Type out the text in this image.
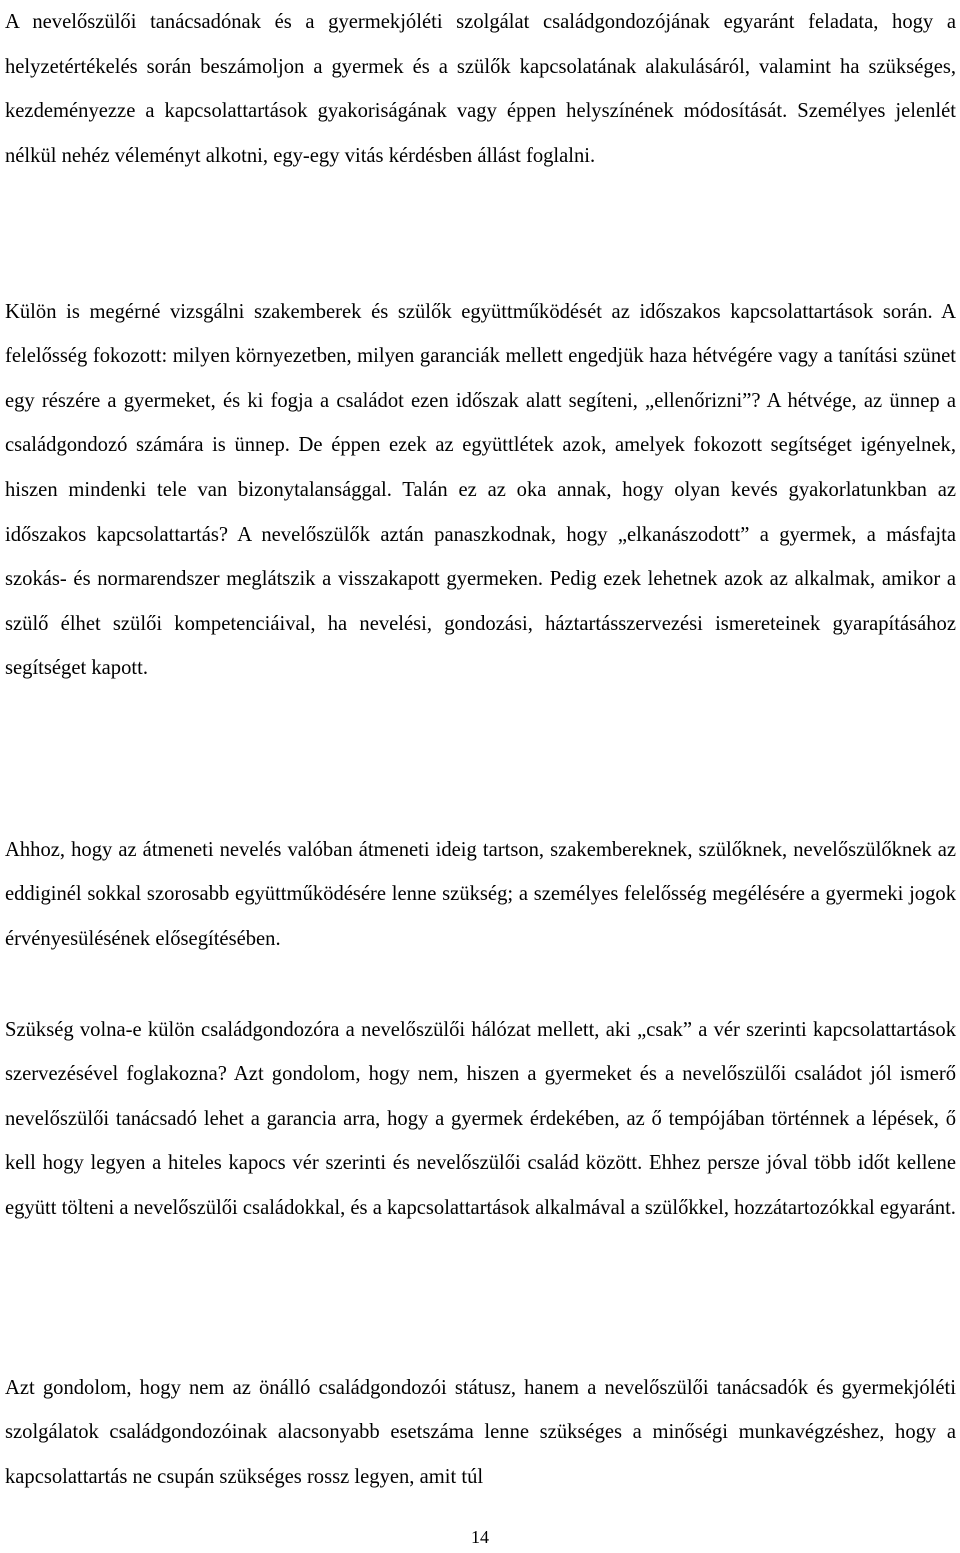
A nevelőszülői tanácsadónak és a gyermekjóléti szolgálat családgondozójának egyaránt feladata, hogy a helyzetértékelés során beszámoljon a gyermek és a szülők kapcsolatának alakulásáról, valamint ha szükséges, kezdeményezze a kapcsolattartások gyakoriságának vagy éppen helyszínének módosítását. Személyes jelenlét nélkül nehéz véleményt alkotni, egy-egy vitás kérdésben állást foglalni.

Külön is megérné vizsgálni szakemberek és szülők együttműködését az időszakos kapcsolattartások során. A felelősség fokozott: milyen környezetben, milyen garanciák mellett engedjük haza hétvégére vagy a tanítási szünet egy részére a gyermeket, és ki fogja a családot ezen időszak alatt segíteni, „ellenőrizni”? A hétvége, az ünnep a családgondozó számára is ünnep. De éppen ezek az együttlétek azok, amelyek fokozott segítséget igényelnek, hiszen mindenki tele van bizonytalansággal. Talán ez az oka annak, hogy olyan kevés gyakorlatunkban az időszakos kapcsolattartás? A nevelőszülők aztán panaszkodnak, hogy „elkanászodott” a gyermek, a másfajta szokás- és normarendszer meglátszik a visszakapott gyermeken. Pedig ezek lehetnek azok az alkalmak, amikor a szülő élhet szülői kompetenciáival, ha nevelési, gondozási, háztartásszervezési ismereteinek gyarapításához segítséget kapott.

Ahhoz, hogy az átmeneti nevelés valóban átmeneti ideig tartson, szakembereknek, szülőknek, nevelőszülőknek az eddiginél sokkal szorosabb együttműködésére lenne szükség; a személyes felelősség megélésére a gyermeki jogok érvényesülésének elősegítésében.

Szükség volna-e külön családgondozóra a nevelőszülői hálózat mellett, aki „csak” a vér szerinti kapcsolattartások szervezésével foglakozna? Azt gondolom, hogy nem, hiszen a gyermeket és a nevelőszülői családot jól ismerő nevelőszülői tanácsadó lehet a garancia arra, hogy a gyermek érdekében, az ő tempójában történnek a lépések, ő kell hogy legyen a hiteles kapocs vér szerinti és nevelőszülői család között. Ehhez persze jóval több időt kellene együtt tölteni a nevelőszülői családokkal, és a kapcsolattartások alkalmával a szülőkkel, hozzátartozókkal egyaránt.

Azt gondolom, hogy nem az önálló családgondozói státusz, hanem a nevelőszülői tanácsadók és gyermekjóléti szolgálatok családgondozóinak alacsonyabb esetszáma lenne szükséges a minőségi munkavégzéshez, hogy a kapcsolattartás ne csupán szükséges rossz legyen, amit túl

14
